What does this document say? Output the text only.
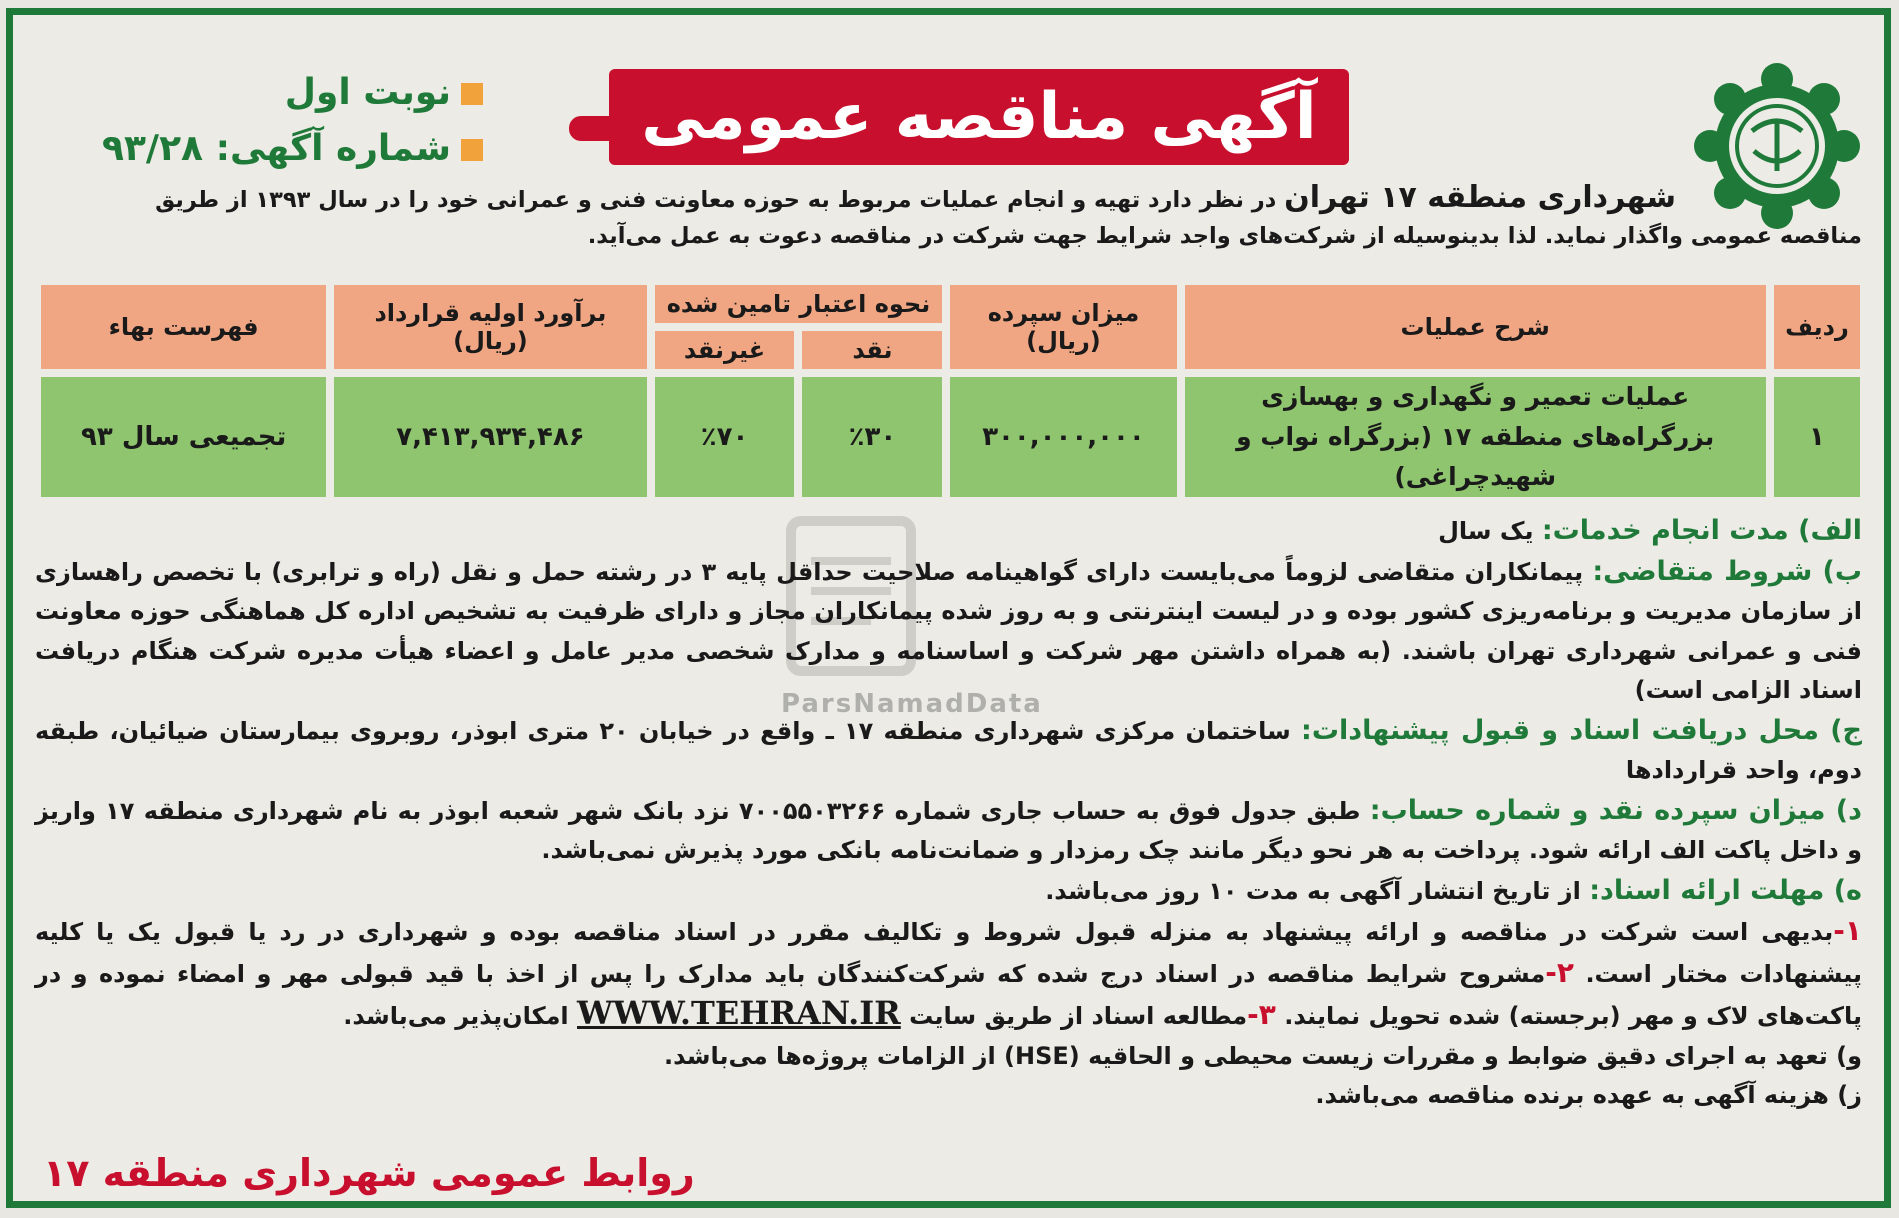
آگهی مناقصه عمومی
نوبت اول
شماره آگهی: ۹۳/۲۸
شهرداری منطقه ۱۷ تهران در نظر دارد تهیه و انجام عملیات مربوط به حوزه معاونت فنی و عمرانی خود را در سال ۱۳۹۳ از طریق
مناقصه عمومی واگذار نماید. لذا بدینوسیله از شرکت‌های واجد شرایط جهت شرکت در مناقصه دعوت به عمل می‌آید.
ردیف	شرح عملیات	میزان سپرده (ریال)	نحوه اعتبار تامین شده		برآورد اولیه قرارداد (ریال)	فهرست بهاء
			نقد	غیرنقد		
۱	عملیات تعمیر و نگهداری و بهسازی بزرگراه‌های منطقه ۱۷ (بزرگراه نواب و شهیدچراغی)	۳۰۰,۰۰۰,۰۰۰	٪۳۰	٪۷۰	۷,۴۱۳,۹۳۴,۴۸۶	تجمیعی سال ۹۳
ParsNamadData

الف) مدت انجام خدمات: یک سال

ب) شروط متقاضی: پیمانکاران متقاضی لزوماً می‌بایست دارای گواهینامه صلاحیت حداقل پایه ۳ در رشته حمل و نقل (راه و ترابری) با تخصص راهسازی از سازمان مدیریت و برنامه‌ریزی کشور بوده و در لیست اینترنتی و به روز شده پیمانکاران مجاز و دارای ظرفیت به تشخیص اداره کل هماهنگی حوزه معاونت فنی و عمرانی شهرداری تهران باشند. (به همراه داشتن مهر شرکت و اساسنامه و مدارک شخصی مدیر عامل و اعضاء هیأت مدیره شرکت هنگام دریافت اسناد الزامی است)

ج) محل دریافت اسناد و قبول پیشنهادات: ساختمان مرکزی شهرداری منطقه ۱۷ ـ واقع در خیابان ۲۰ متری ابوذر، روبروی بیمارستان ضیائیان، طبقه دوم، واحد قراردادها

د) میزان سپرده نقد و شماره حساب: طبق جدول فوق به حساب جاری شماره ۷۰۰۵۵۰۳۲۶۶ نزد بانک شهر شعبه ابوذر به نام شهرداری منطقه ۱۷ واریز و داخل پاکت الف ارائه شود. پرداخت به هر نحو دیگر مانند چک رمزدار و ضمانت‌نامه بانکی مورد پذیرش نمی‌باشد.

ه) مهلت ارائه اسناد: از تاریخ انتشار آگهی به مدت ۱۰ روز می‌باشد.

۱-بدیهی است شرکت در مناقصه و ارائه پیشنهاد به منزله قبول شروط و تکالیف مقرر در اسناد مناقصه بوده و شهرداری در رد یا قبول یک یا کلیه پیشنهادات مختار است. ۲-مشروح شرایط مناقصه در اسناد درج شده که شرکت‌کنندگان باید مدارک را پس از اخذ با قید قبولی مهر و امضاء نموده و در پاکت‌های لاک و مهر (برجسته) شده تحویل نمایند. ۳-مطالعه اسناد از طریق سایت WWW.TEHRAN.IR امکان‌پذیر می‌باشد.

و) تعهد به اجرای دقیق ضوابط و مقررات زیست محیطی و الحاقیه (HSE) از الزامات پروژه‌ها می‌باشد.

ز) هزینه آگهی به عهده برنده مناقصه می‌باشد.

روابط عمومی شهرداری منطقه ۱۷
